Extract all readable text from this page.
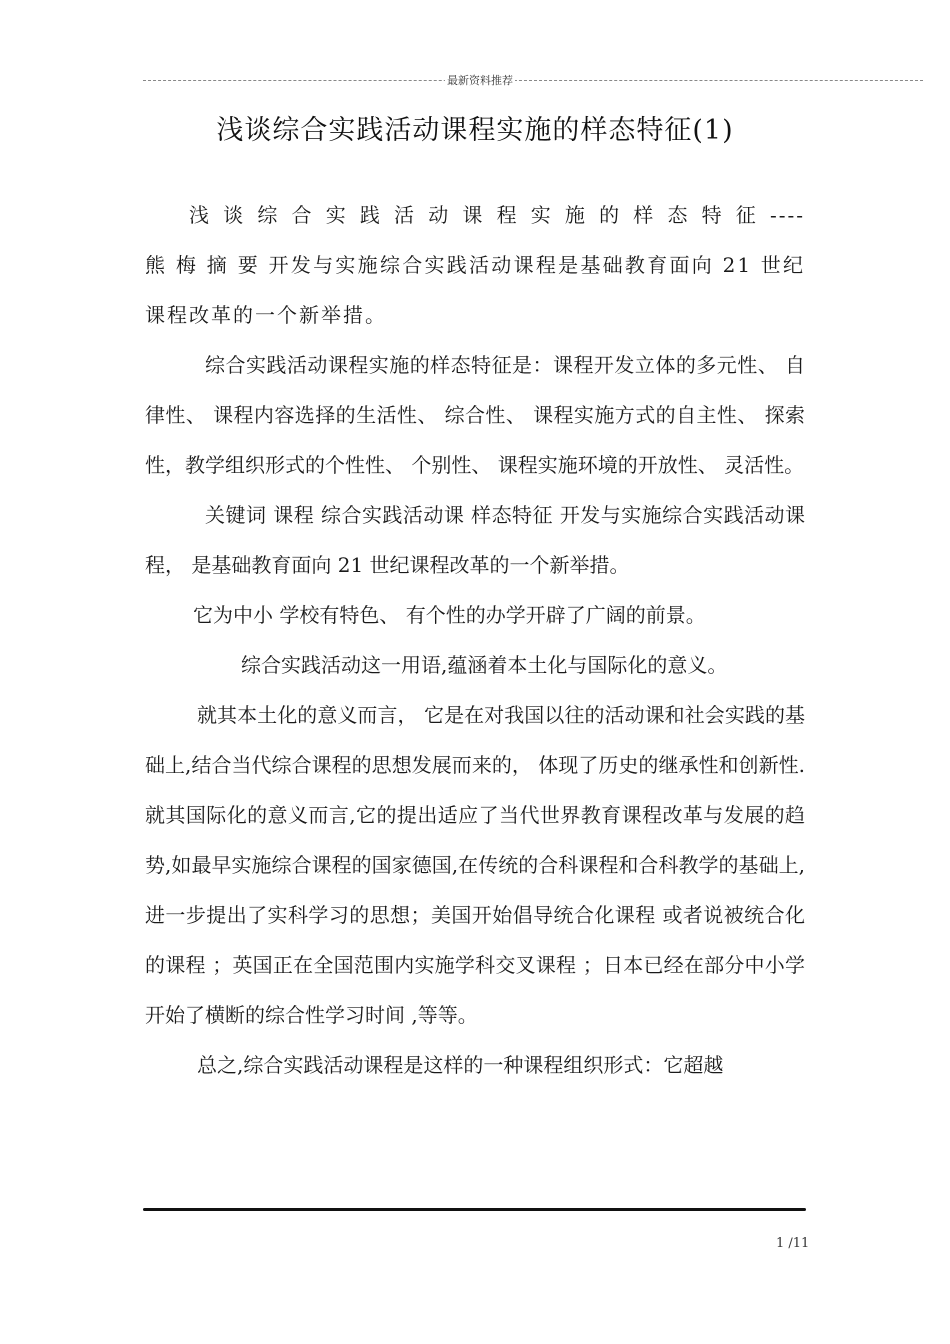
最新资料推荐
浅谈综合实践活动课程实施的样态特征(1)

浅谈综合实践活动课程实施的样态特征----熊 梅 摘 要 开发与实施综合实践活动课程是基础教育面向 21 世纪课程改革的一个新举措。

综合实践活动课程实施的样态特征是：课程开发立体的多元性、 自律性、 课程内容选择的生活性、 综合性、 课程实施方式的自主性、 探索性，教学组织形式的个性性、 个别性、 课程实施环境的开放性、 灵活性。

关键词 课程 综合实践活动课 样态特征 开发与实施综合实践活动课程， 是基础教育面向 21 世纪课程改革的一个新举措。

它为中小 学校有特色、 有个性的办学开辟了广阔的前景。

综合实践活动这一用语,蕴涵着本土化与国际化的意义。

就其本土化的意义而言， 它是在对我国以往的活动课和社会实践的基础上,结合当代综合课程的思想发展而来的， 体现了历史的继承性和创新性.就其国际化的意义而言,它的提出适应了当代世界教育课程改革与发展的趋势,如最早实施综合课程的国家德国,在传统的合科课程和合科教学的基础上,进一步提出了实科学习的思想；美国开始倡导统合化课程 或者说被统合化的课程 ；英国正在全国范围内实施学科交叉课程 ；日本已经在部分中小学开始了横断的综合性学习时间 ,等等。

总之,综合实践活动课程是这样的一种课程组织形式：它超越

1 /11
